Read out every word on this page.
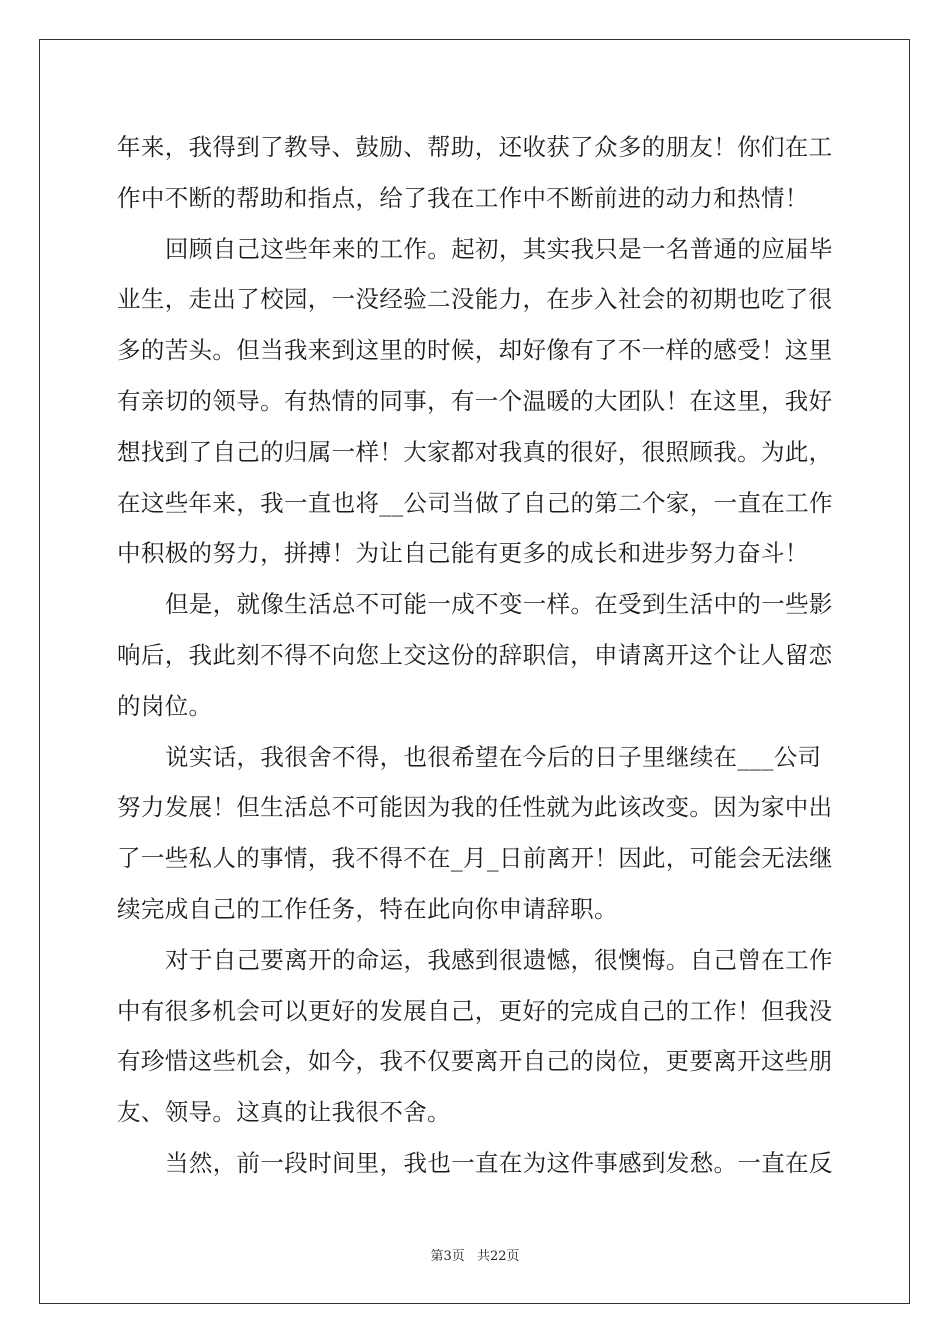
年来，我得到了教导、鼓励、帮助，还收获了众多的朋友！你们在工
作中不断的帮助和指点，给了我在工作中不断前进的动力和热情！
回顾自己这些年来的工作。起初，其实我只是一名普通的应届毕
业生，走出了校园，一没经验二没能力，在步入社会的初期也吃了很
多的苦头。但当我来到这里的时候，却好像有了不一样的感受！这里
有亲切的领导。有热情的同事，有一个温暖的大团队！在这里，我好
想找到了自己的归属一样！大家都对我真的很好，很照顾我。为此，
在这些年来，我一直也将__公司当做了自己的第二个家，一直在工作
中积极的努力，拼搏！为让自己能有更多的成长和进步努力奋斗！
但是，就像生活总不可能一成不变一样。在受到生活中的一些影
响后，我此刻不得不向您上交这份的辞职信，申请离开这个让人留恋
的岗位。
说实话，我很舍不得，也很希望在今后的日子里继续在___公司
努力发展！但生活总不可能因为我的任性就为此该改变。因为家中出
了一些私人的事情，我不得不在_月_日前离开！因此，可能会无法继
续完成自己的工作任务，特在此向你申请辞职。
对于自己要离开的命运，我感到很遗憾，很懊悔。自己曾在工作
中有很多机会可以更好的发展自己，更好的完成自己的工作！但我没
有珍惜这些机会，如今，我不仅要离开自己的岗位，更要离开这些朋
友、领导。这真的让我很不舍。
当然，前一段时间里，我也一直在为这件事感到发愁。一直在反
第3页 共22页
